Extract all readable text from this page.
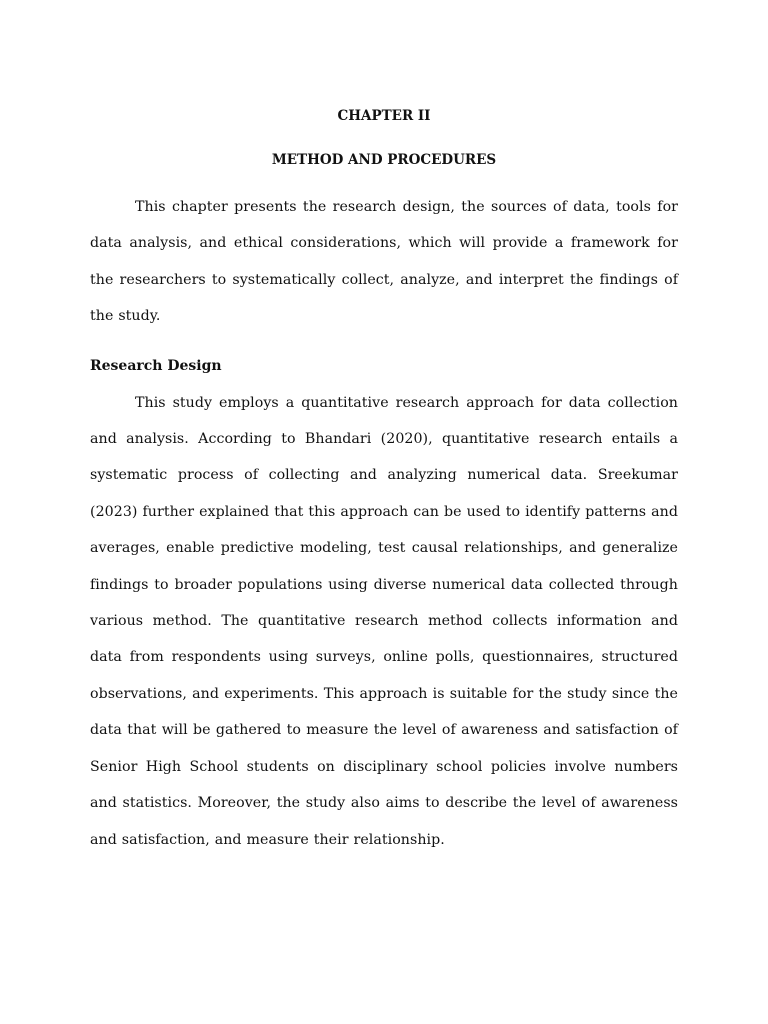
CHAPTER II
METHOD AND PROCEDURES

This chapter presents the research design, the sources of data, tools for data analysis, and ethical considerations, which will provide a framework for the researchers to systematically collect, analyze, and interpret the findings of the study.

Research Design

This study employs a quantitative research approach for data collection and analysis. According to Bhandari (2020), quantitative research entails a systematic process of collecting and analyzing numerical data. Sreekumar (2023) further explained that this approach can be used to identify patterns and averages, enable predictive modeling, test causal relationships, and generalize findings to broader populations using diverse numerical data collected through various method. The quantitative research method collects information and data from respondents using surveys, online polls, questionnaires, structured observations, and experiments. This approach is suitable for the study since the data that will be gathered to measure the level of awareness and satisfaction of Senior High School students on disciplinary school policies involve numbers and statistics. Moreover, the study also aims to describe the level of awareness and satisfaction, and measure their relationship.
